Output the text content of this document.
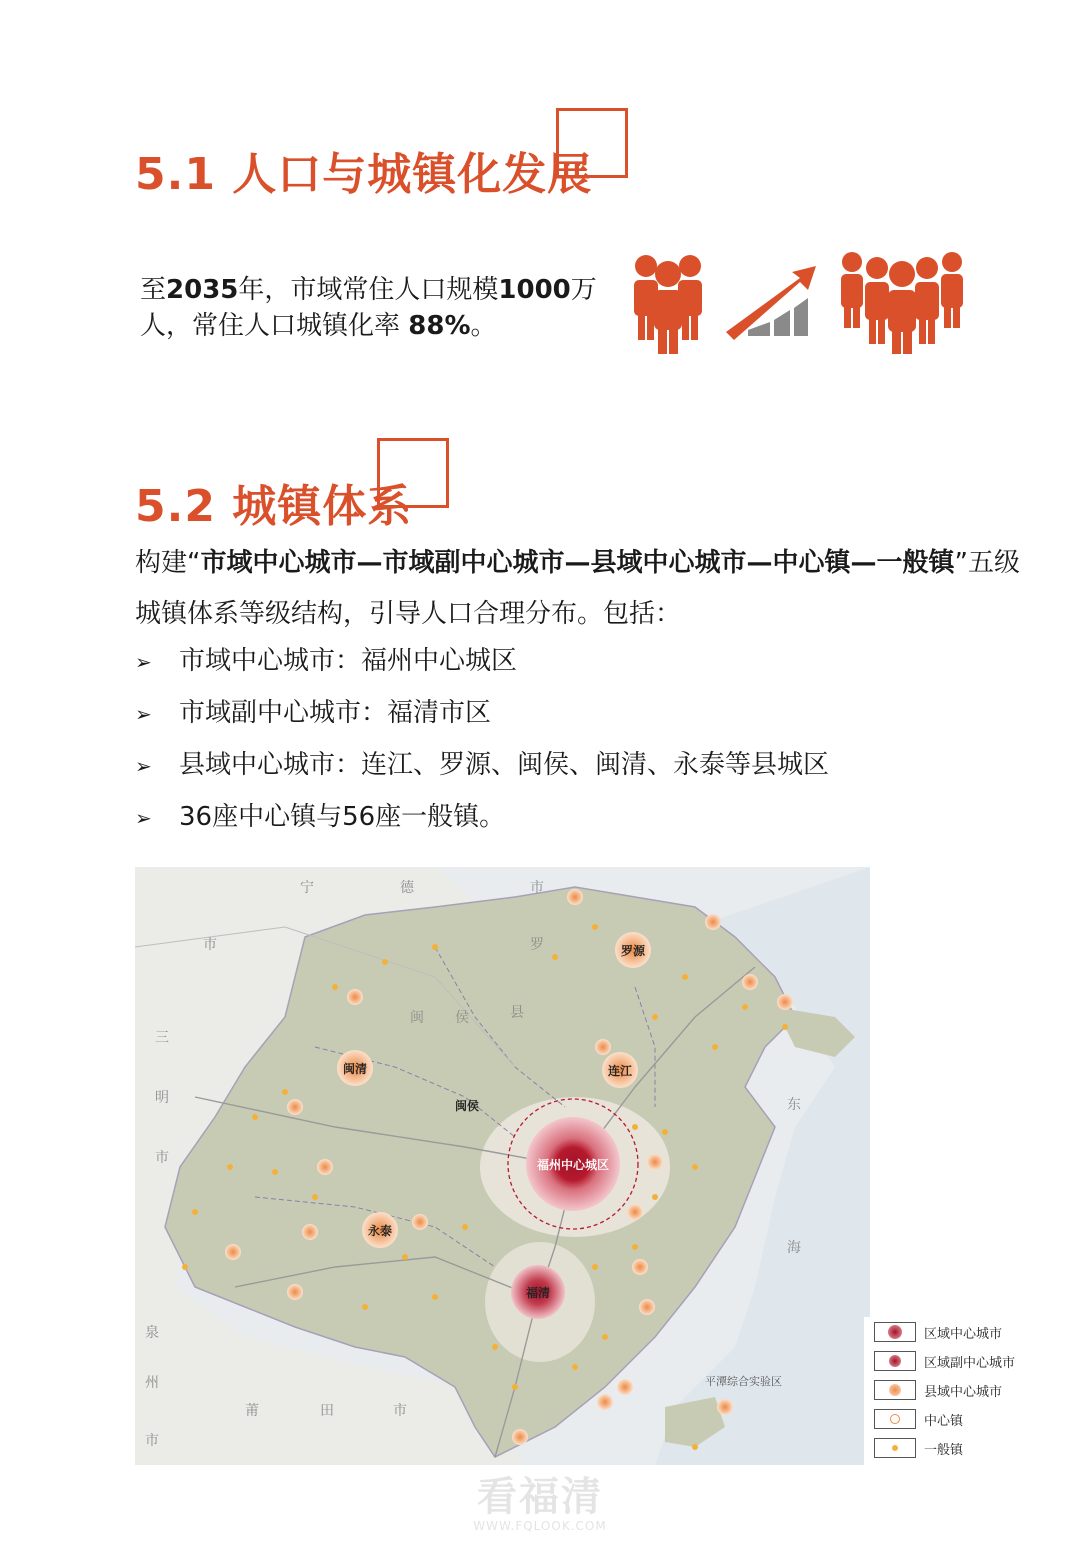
5.1 人口与城镇化发展
至2035年，市域常住人口规模1000万人，常住人口城镇化率 88%。
5.2 城镇体系
构建“市域中心城市—市域副中心城市—县域中心城市—中心镇—一般镇”五级城镇体系等级结构，引导人口合理分布。包括：
➢ 市域中心城市：福州中心城区
➢ 市域副中心城市：福清市区
➢ 县域中心城市：连江、罗源、闽侯、闽清、永泰等县城区
➢ 36座中心镇与56座一般镇。
宁	德	市
罗
县
闽 侯
市
三
明
市
泉
州
市
莆	田	市
东
海
罗源
连江
闽清
永泰
闽侯
福州中心城区
福清
平潭综合实验区
区域中心城市
区域副中心城市
县域中心城市
中心镇
一般镇
看福清
WWW.FQLOOK.COM
